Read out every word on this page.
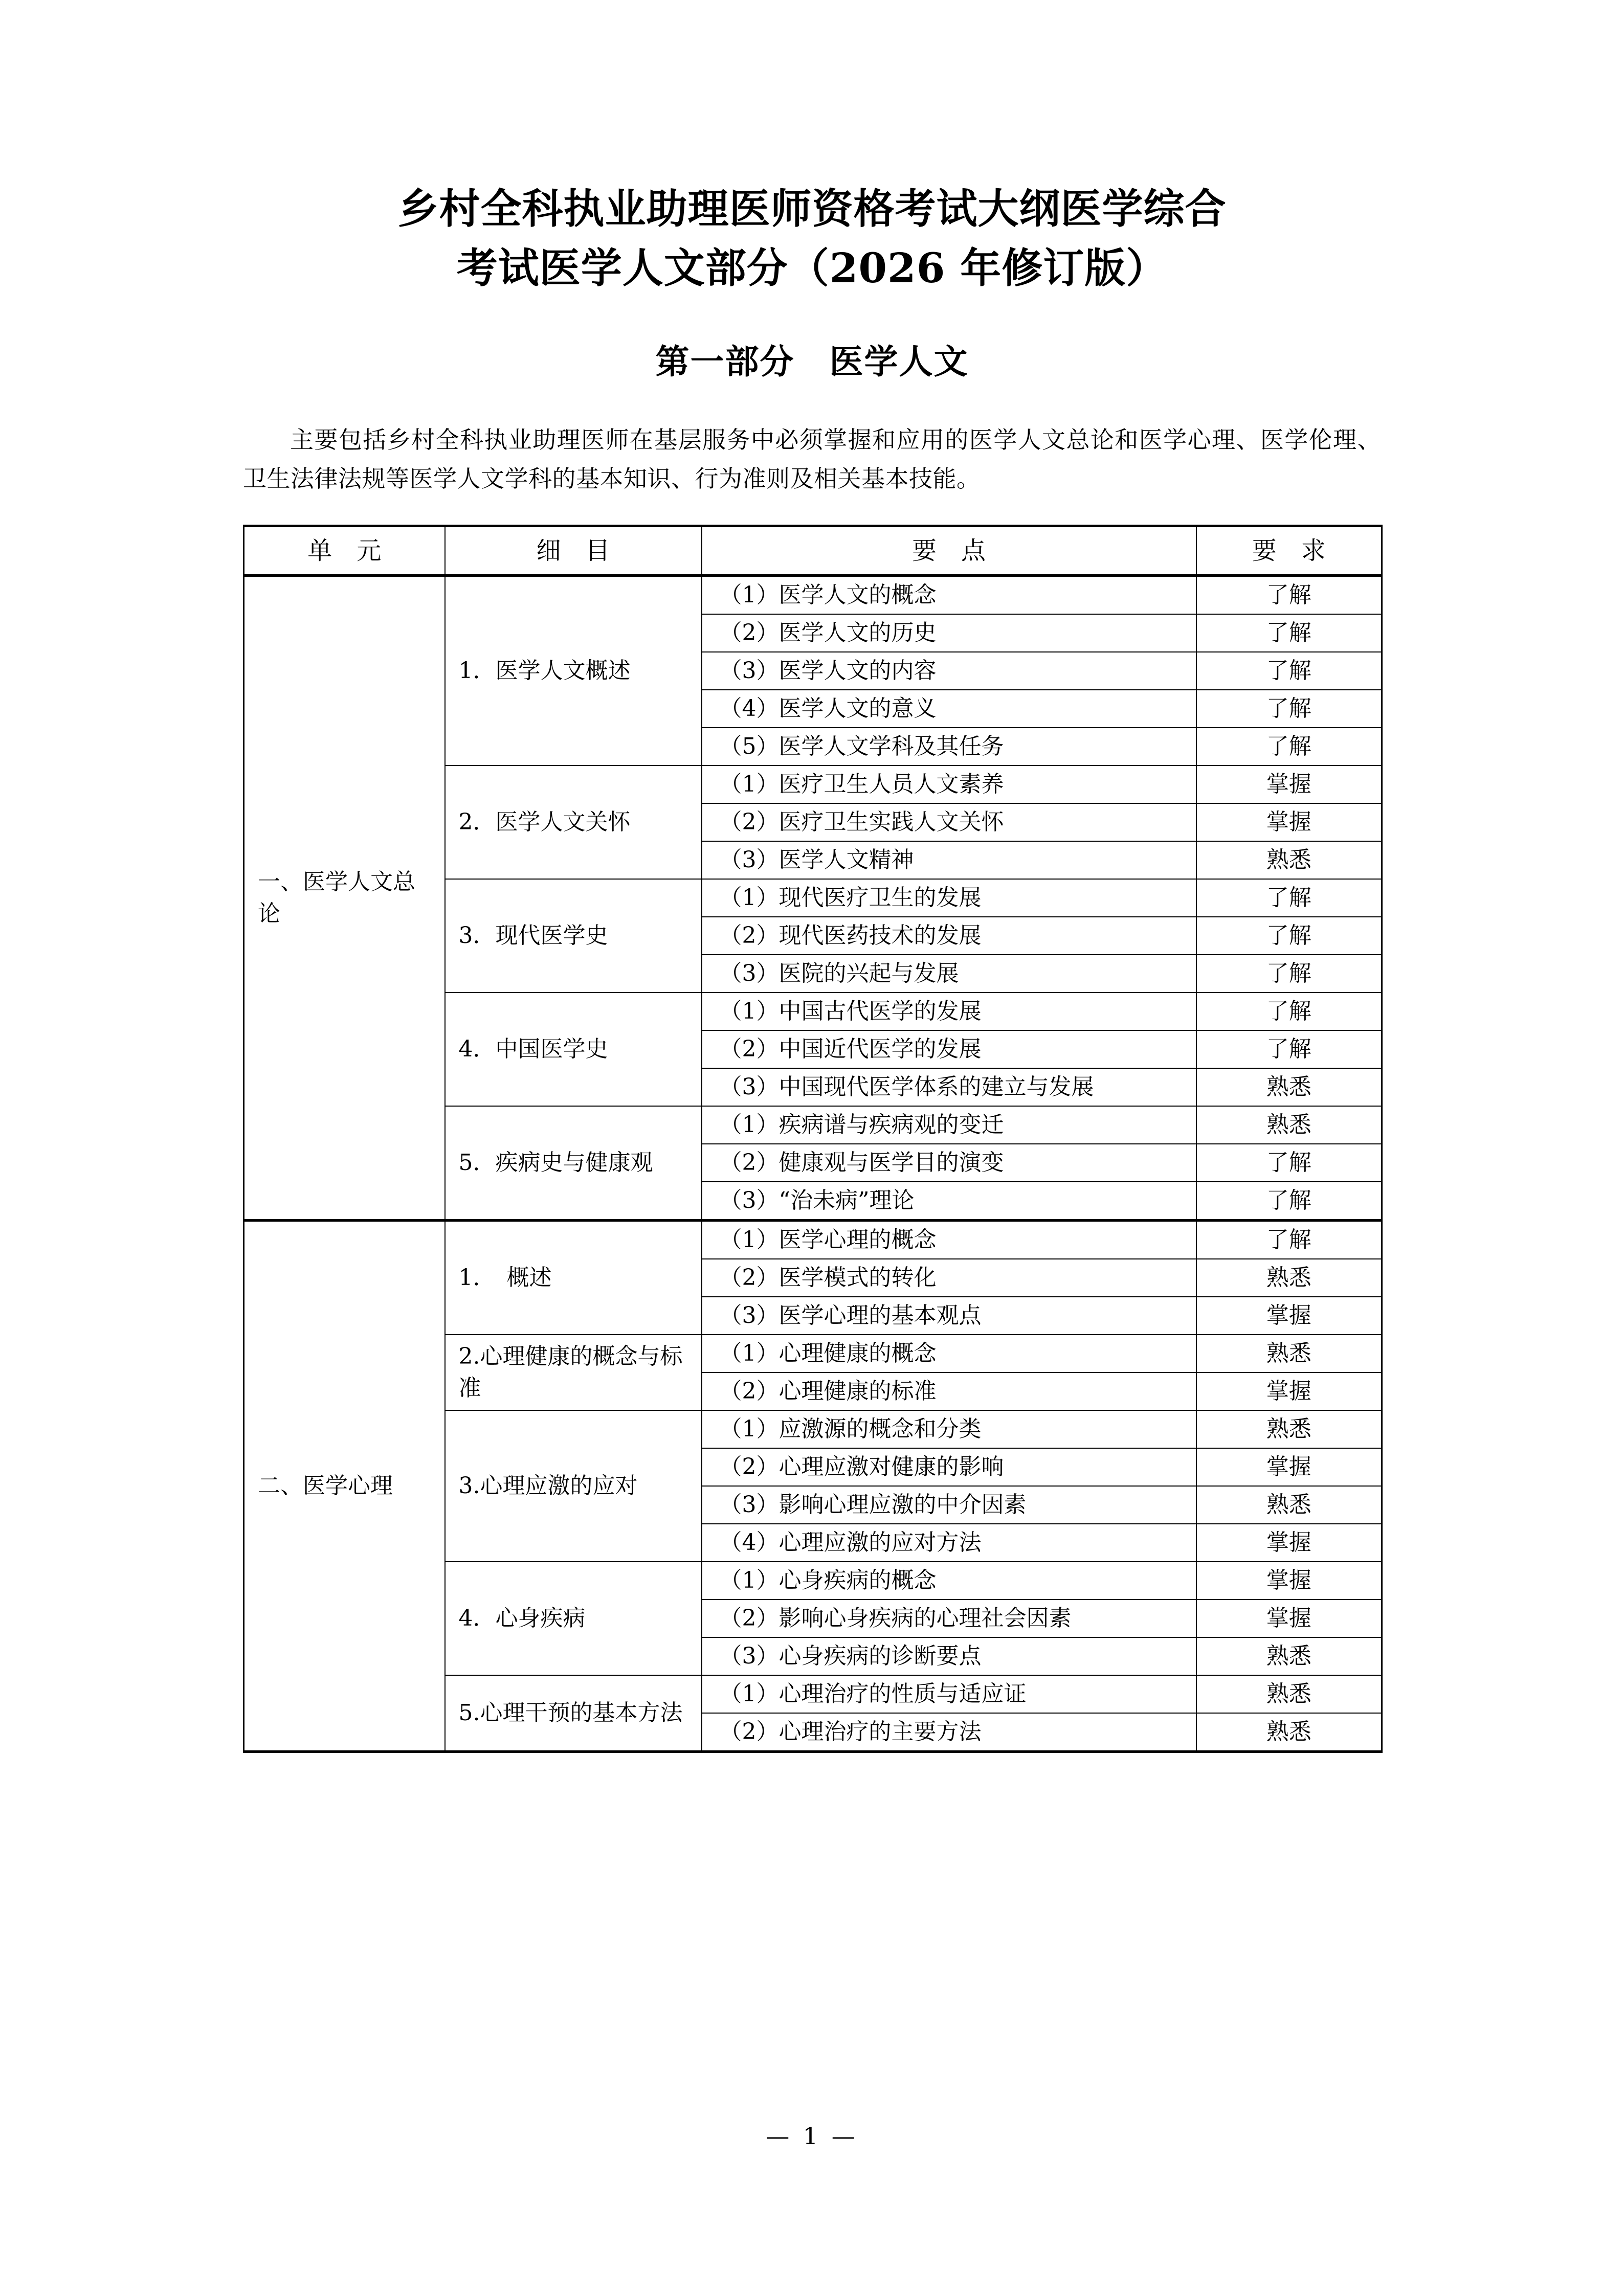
乡村全科执业助理医师资格考试大纲医学综合
考试医学人文部分（2026 年修订版）
第一部分　医学人文

主要包括乡村全科执业助理医师在基层服务中必须掌握和应用的医学人文总论和医学心理、医学伦理、卫生法律法规等医学人文学科的基本知识、行为准则及相关基本技能。

单　元	细　目	要　点	要　求
一、医学人文总论	1．医学人文概述	（1）医学人文的概念	了解
		（2）医学人文的历史	了解
		（3）医学人文的内容	了解
		（4）医学人文的意义	了解
		（5）医学人文学科及其任务	了解
	2．医学人文关怀	（1）医疗卫生人员人文素养	掌握
		（2）医疗卫生实践人文关怀	掌握
		（3）医学人文精神	熟悉
	3．现代医学史	（1）现代医疗卫生的发展	了解
		（2）现代医药技术的发展	了解
		（3）医院的兴起与发展	了解
	4．中国医学史	（1）中国古代医学的发展	了解
		（2）中国近代医学的发展	了解
		（3）中国现代医学体系的建立与发展	熟悉
	5．疾病史与健康观	（1）疾病谱与疾病观的变迁	熟悉
		（2）健康观与医学目的演变	了解
		（3）“治未病”理论	了解
二、医学心理	1．　概述	（1）医学心理的概念	了解
		（2）医学模式的转化	熟悉
		（3）医学心理的基本观点	掌握
	2.心理健康的概念与标准	（1）心理健康的概念	熟悉
		（2）心理健康的标准	掌握
	3.心理应激的应对	（1）应激源的概念和分类	熟悉
		（2）心理应激对健康的影响	掌握
		（3）影响心理应激的中介因素	熟悉
		（4）心理应激的应对方法	掌握
	4．心身疾病	（1）心身疾病的概念	掌握
		（2）影响心身疾病的心理社会因素	掌握
		（3）心身疾病的诊断要点	熟悉
	5.心理干预的基本方法	（1）心理治疗的性质与适应证	熟悉
		（2）心理治疗的主要方法	熟悉
— 1 —
